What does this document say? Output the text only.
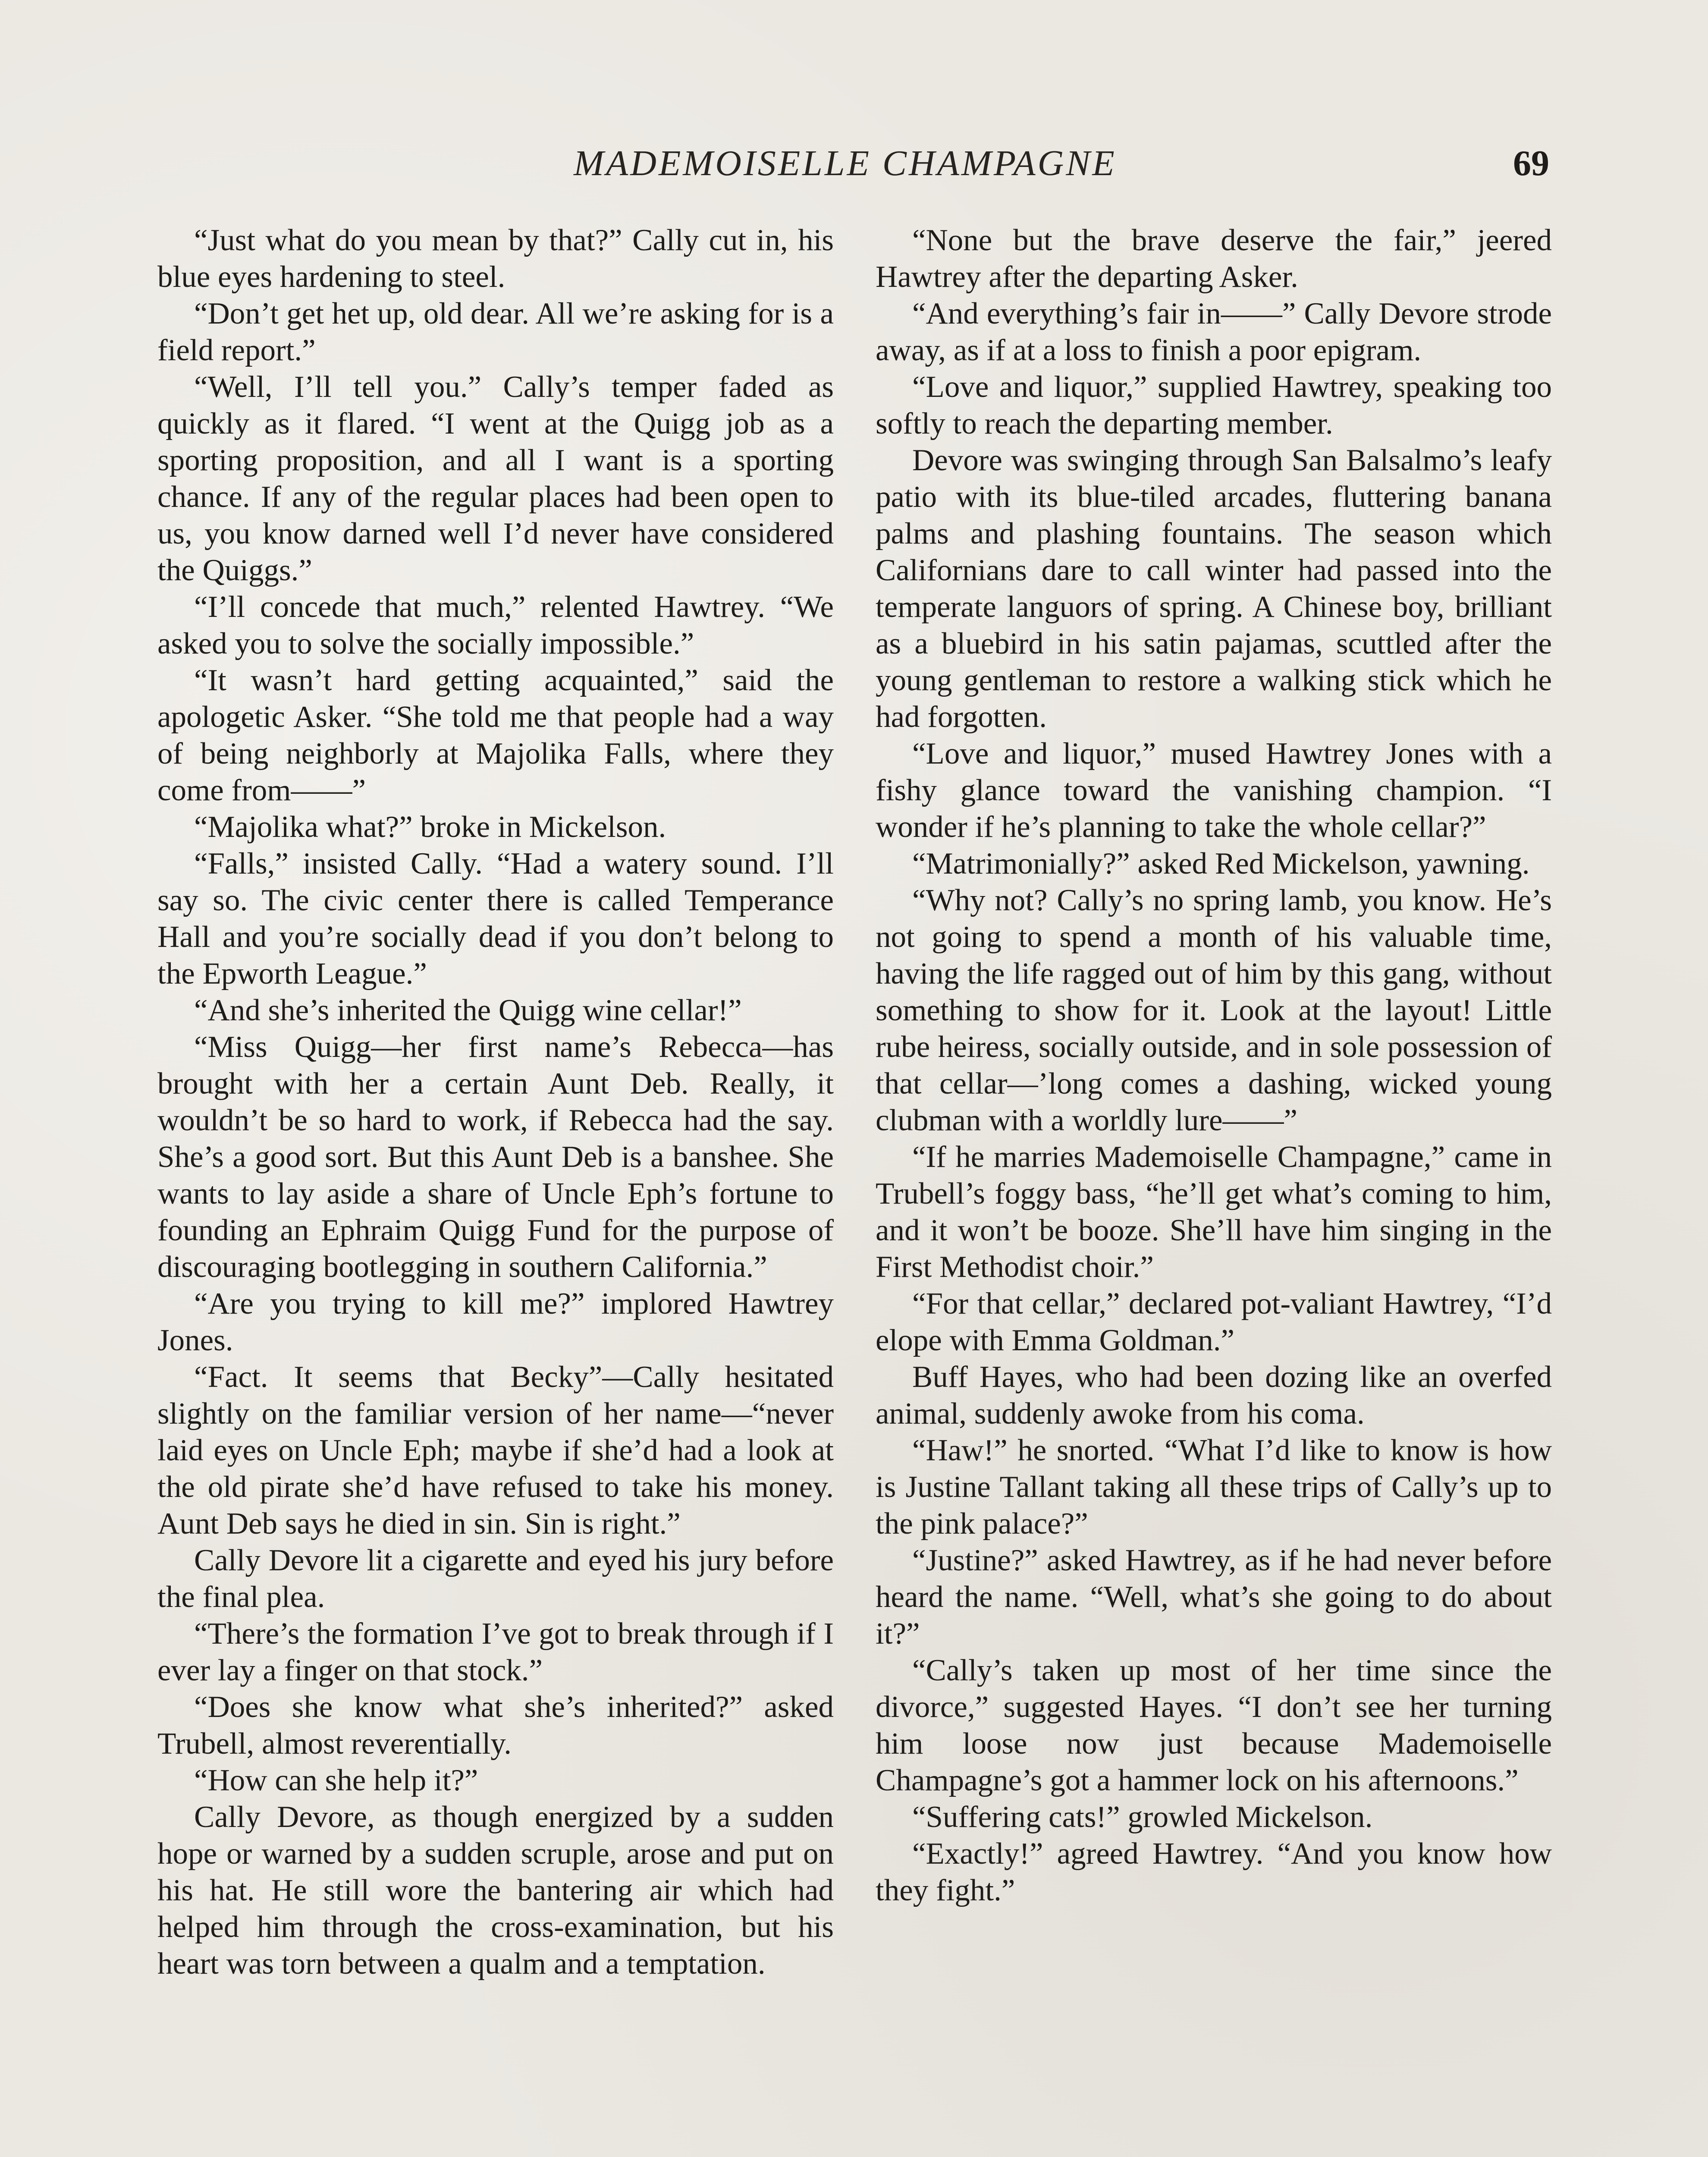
MADEMOISELLE CHAMPAGNE	69

“Just what do you mean by that?” Cally cut in, his blue eyes hardening to steel.

“Don’t get het up, old dear. All we’re asking for is a field report.”

“Well, I’ll tell you.” Cally’s temper faded as quickly as it flared. “I went at the Quigg job as a sporting proposition, and all I want is a sporting chance. If any of the regular places had been open to us, you know darned well I’d never have considered the Quiggs.”

“I’ll concede that much,” relented Hawtrey. “We asked you to solve the socially impossible.”

“It wasn’t hard getting acquainted,” said the apologetic Asker. “She told me that people had a way of being neighborly at Majolika Falls, where they come from——”

“Majolika what?” broke in Mickelson.

“Falls,” insisted Cally. “Had a watery sound. I’ll say so. The civic center there is called Temperance Hall and you’re socially dead if you don’t belong to the Epworth League.”

“And she’s inherited the Quigg wine cellar!”

“Miss Quigg—her first name’s Rebecca—has brought with her a certain Aunt Deb. Really, it wouldn’t be so hard to work, if Rebecca had the say. She’s a good sort. But this Aunt Deb is a banshee. She wants to lay aside a share of Uncle Eph’s fortune to founding an Ephraim Quigg Fund for the purpose of discouraging bootlegging in southern California.”

“Are you trying to kill me?” implored Hawtrey Jones.

“Fact. It seems that Becky”—Cally hesitated slightly on the familiar version of her name—“never laid eyes on Uncle Eph; maybe if she’d had a look at the old pirate she’d have refused to take his money. Aunt Deb says he died in sin. Sin is right.”

Cally Devore lit a cigarette and eyed his jury before the final plea.

“There’s the formation I’ve got to break through if I ever lay a finger on that stock.”

“Does she know what she’s inherited?” asked Trubell, almost reverentially.

“How can she help it?”

Cally Devore, as though energized by a sudden hope or warned by a sudden scruple, arose and put on his hat. He still wore the bantering air which had helped him through the cross-examination, but his heart was torn between a qualm and a temptation.

“None but the brave deserve the fair,” jeered Hawtrey after the departing Asker.

“And everything’s fair in——” Cally Devore strode away, as if at a loss to finish a poor epigram.

“Love and liquor,” supplied Hawtrey, speaking too softly to reach the departing member.

Devore was swinging through San Balsalmo’s leafy patio with its blue-tiled arcades, fluttering banana palms and plashing fountains. The season which Californians dare to call winter had passed into the temperate languors of spring. A Chinese boy, brilliant as a bluebird in his satin pajamas, scuttled after the young gentleman to restore a walking stick which he had forgotten.

“Love and liquor,” mused Hawtrey Jones with a fishy glance toward the vanishing champion. “I wonder if he’s planning to take the whole cellar?”

“Matrimonially?” asked Red Mickelson, yawning.

“Why not? Cally’s no spring lamb, you know. He’s not going to spend a month of his valuable time, having the life ragged out of him by this gang, without something to show for it. Look at the layout! Little rube heiress, socially outside, and in sole possession of that cellar—’long comes a dashing, wicked young clubman with a worldly lure——”

“If he marries Mademoiselle Champagne,” came in Trubell’s foggy bass, “he’ll get what’s coming to him, and it won’t be booze. She’ll have him singing in the First Methodist choir.”

“For that cellar,” declared pot-valiant Hawtrey, “I’d elope with Emma Goldman.”

Buff Hayes, who had been dozing like an overfed animal, suddenly awoke from his coma.

“Haw!” he snorted. “What I’d like to know is how is Justine Tallant taking all these trips of Cally’s up to the pink palace?”

“Justine?” asked Hawtrey, as if he had never before heard the name. “Well, what’s she going to do about it?”

“Cally’s taken up most of her time since the divorce,” suggested Hayes. “I don’t see her turning him loose now just because Mademoiselle Champagne’s got a hammer lock on his afternoons.”

“Suffering cats!” growled Mickelson.

“Exactly!” agreed Hawtrey. “And you know how they fight.”
